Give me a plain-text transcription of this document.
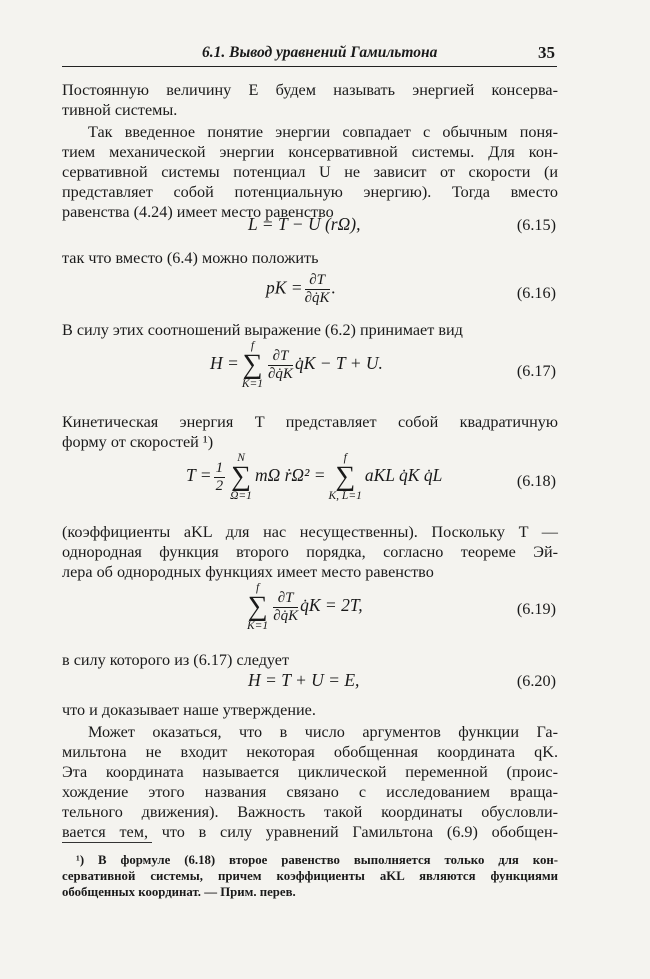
6.1. Вывод уравнений Гамильтона	35
Постоянную величину E будем называть энергией консерва-
тивной системы.
Так введенное понятие энергии совпадает с обычным поня-
тием механической энергии консервативной системы. Для кон-
сервативной системы потенциал U не зависит от скорости (и
представляет собой потенциальную энергию). Тогда вместо
равенства (4.24) имеет место равенство
L = T − U (rΩ),	(6.15)
так что вместо (6.4) можно положить
pK = $\frac{\partial T}{\partial q̇K}$ .	(6.16)
В силу этих соотношений выражение (6.2) принимает вид
H =
f
∑
K=1
$\frac{\partial T}{\partial q̇K}$ q̇K − T + U.	(6.17)
Кинетическая энергия T представляет собой квадратичную
форму от скоростей ¹)
$T = \frac{1}{2}$
N
∑
Ω=1
mΩ ṙΩ² =
f
∑
K, L=1
aKL q̇K q̇L	(6.18)
(коэффициенты aKL для нас несущественны). Поскольку T —
однородная функция второго порядка, согласно теореме Эй-
лера об однородных функциях имеет место равенство
f
∑
K=1
$\frac{\partial T}{\partial q̇K}$ q̇K = 2T,	(6.19)
в силу которого из (6.17) следует
H = T + U = E,	(6.20)
что и доказывает наше утверждение.
Может оказаться, что в число аргументов функции Га-
мильтона не входит некоторая обобщенная координата qK.
Эта координата называется циклической переменной (проис-
хождение этого названия связано с исследованием враща-
тельного движения). Важность такой координаты обусловли-
вается тем, что в силу уравнений Гамильтона (6.9) обобщен-
¹) В формуле (6.18) второе равенство выполняется только для кон-
сервативной системы, причем коэффициенты aKL являются функциями
обобщенных координат. — Прим. перев.
